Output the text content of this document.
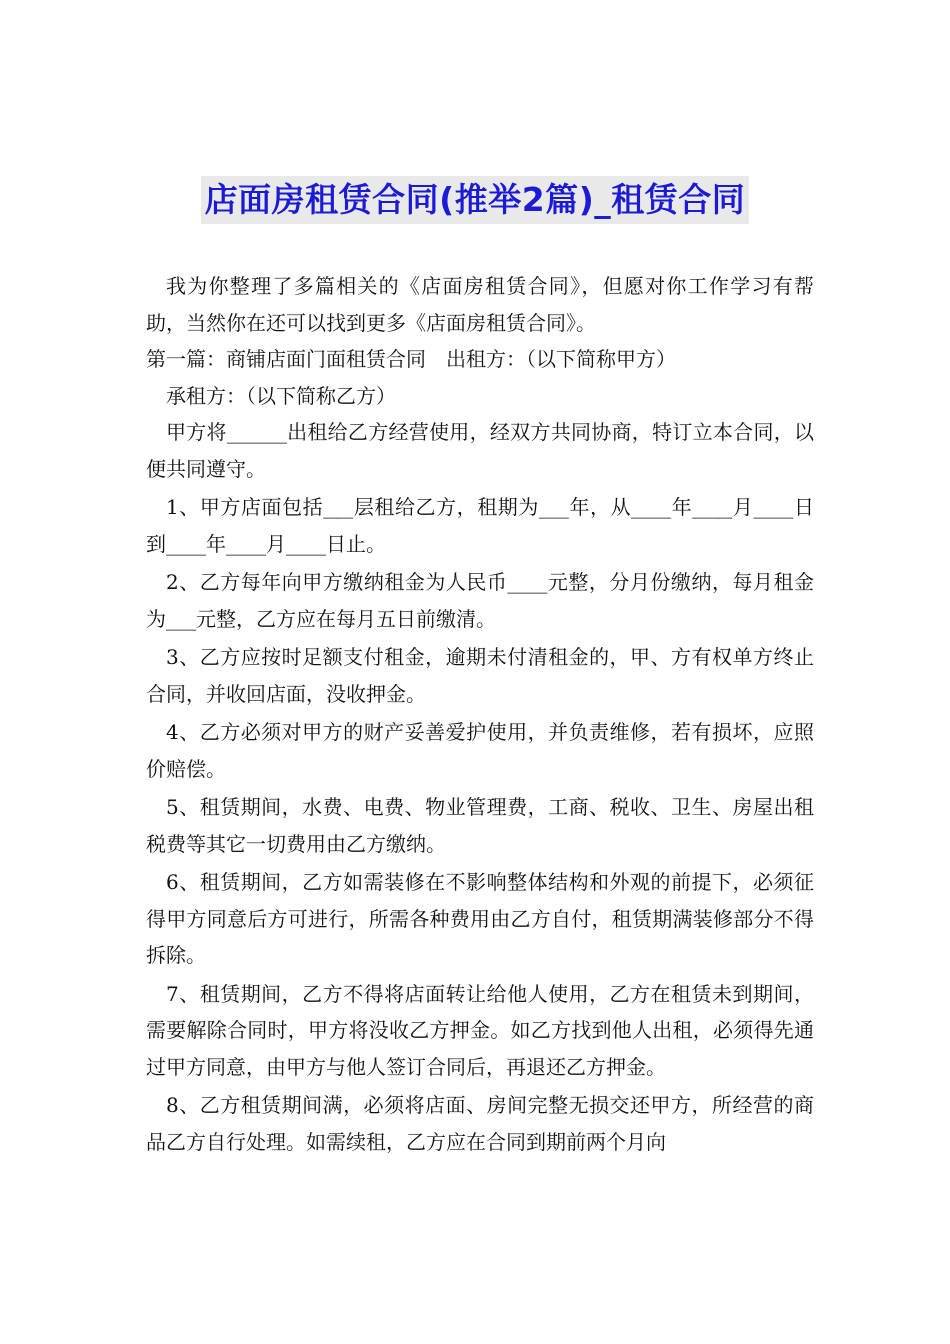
店面房租赁合同(推举2篇)_租赁合同

我为你整理了多篇相关的《店面房租赁合同》，但愿对你工作学习有帮助，当然你在还可以找到更多《店面房租赁合同》。

第一篇：商铺店面门面租赁合同　出租方：（以下简称甲方）

承租方：（以下简称乙方）

甲方将______出租给乙方经营使用，经双方共同协商，特订立本合同，以便共同遵守。

1、甲方店面包括___层租给乙方，租期为___年，从____年____月____日到____年____月____日止。

2、乙方每年向甲方缴纳租金为人民币____元整，分月份缴纳，每月租金为___元整，乙方应在每月五日前缴清。

3、乙方应按时足额支付租金，逾期未付清租金的，甲、方有权单方终止合同，并收回店面，没收押金。

4、乙方必须对甲方的财产妥善爱护使用，并负责维修，若有损坏，应照价赔偿。

5、租赁期间，水费、电费、物业管理费，工商、税收、卫生、房屋出租税费等其它一切费用由乙方缴纳。

6、租赁期间，乙方如需装修在不影响整体结构和外观的前提下，必须征得甲方同意后方可进行，所需各种费用由乙方自付，租赁期满装修部分不得拆除。

7、租赁期间，乙方不得将店面转让给他人使用，乙方在租赁未到期间，需要解除合同时，甲方将没收乙方押金。如乙方找到他人出租，必须得先通过甲方同意，由甲方与他人签订合同后，再退还乙方押金。

8、乙方租赁期间满，必须将店面、房间完整无损交还甲方，所经营的商品乙方自行处理。如需续租，乙方应在合同到期前两个月向
